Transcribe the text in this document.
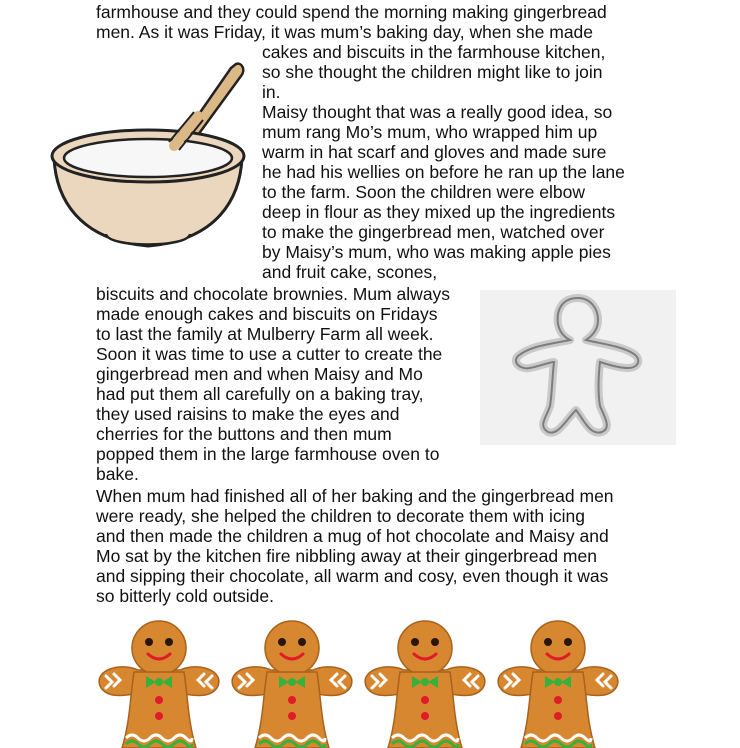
farmhouse and they could spend the morning making gingerbread
men. As it was Friday, it was mum’s baking day, when she made
cakes and biscuits in the farmhouse kitchen,
so she thought the children might like to join
in.
Maisy thought that was a really good idea, so
mum rang Mo’s mum, who wrapped him up
warm in hat scarf and gloves and made sure
he had his wellies on before he ran up the lane
to the farm. Soon the children were elbow
deep in flour as they mixed up the ingredients
to make the gingerbread men, watched over
by Maisy’s mum, who was making apple pies
and fruit cake, scones,
biscuits and chocolate brownies. Mum always
made enough cakes and biscuits on Fridays
to last the family at Mulberry Farm all week.
Soon it was time to use a cutter to create the
gingerbread men and when Maisy and Mo
had put them all carefully on a baking tray,
they used raisins to make the eyes and
cherries for the buttons and then mum
popped them in the large farmhouse oven to
bake.
When mum had finished all of her baking and the gingerbread men
were ready, she helped the children to decorate them with icing
and then made the children a mug of hot chocolate and Maisy and
Mo sat by the kitchen fire nibbling away at their gingerbread men
and sipping their chocolate, all warm and cosy, even though it was
so bitterly cold outside.
